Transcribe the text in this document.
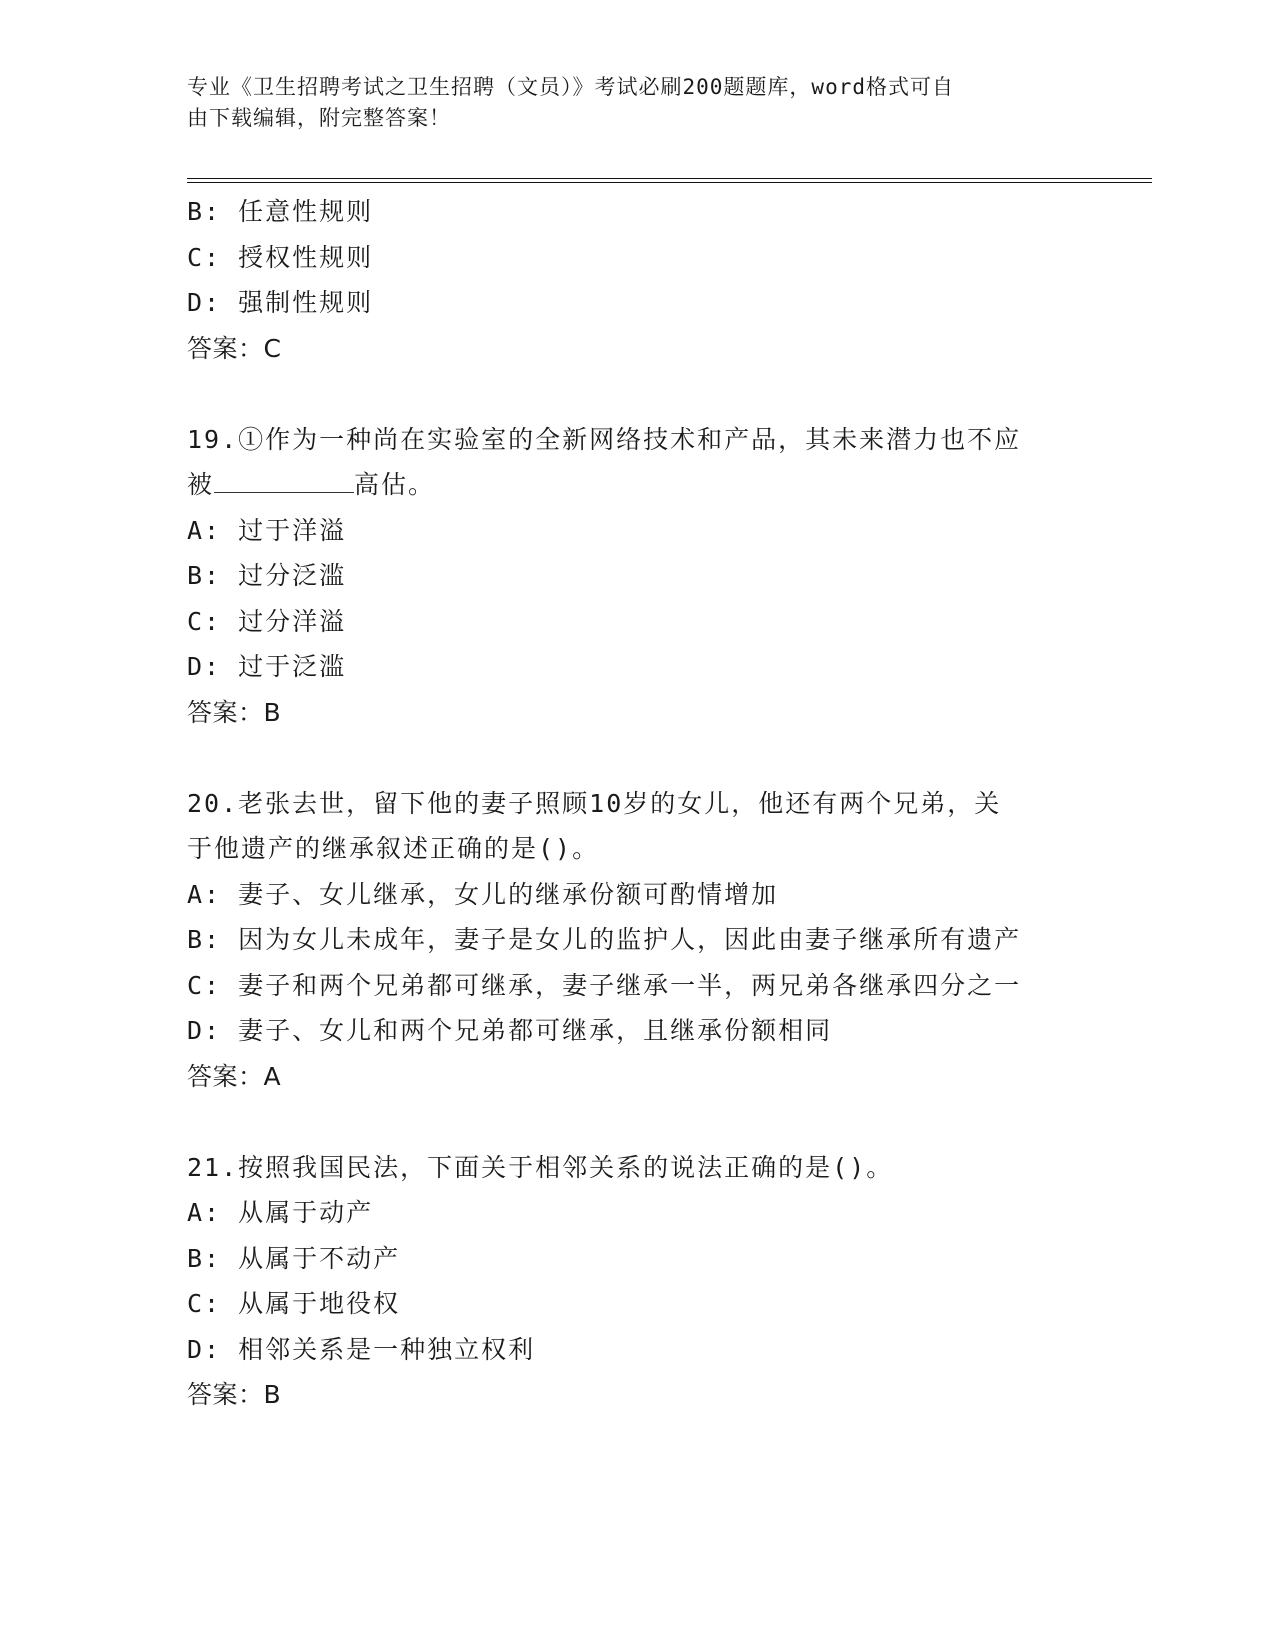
专业《卫生招聘考试之卫生招聘（文员）》考试必刷200题题库，word格式可自
由下载编辑，附完整答案！
B: 任意性规则
C: 授权性规则
D: 强制性规则
答案：C
19.①作为一种尚在实验室的全新网络技术和产品，其未来潜力也不应
被	高估。
A: 过于洋溢
B: 过分泛滥
C: 过分洋溢
D: 过于泛滥
答案：B
20.老张去世，留下他的妻子照顾10岁的女儿，他还有两个兄弟，关
于他遗产的继承叙述正确的是()。
A: 妻子、女儿继承，女儿的继承份额可酌情增加
B: 因为女儿未成年，妻子是女儿的监护人，因此由妻子继承所有遗产
C: 妻子和两个兄弟都可继承，妻子继承一半，两兄弟各继承四分之一
D: 妻子、女儿和两个兄弟都可继承，且继承份额相同
答案：A
21.按照我国民法，下面关于相邻关系的说法正确的是()。
A: 从属于动产
B: 从属于不动产
C: 从属于地役权
D: 相邻关系是一种独立权利
答案：B
